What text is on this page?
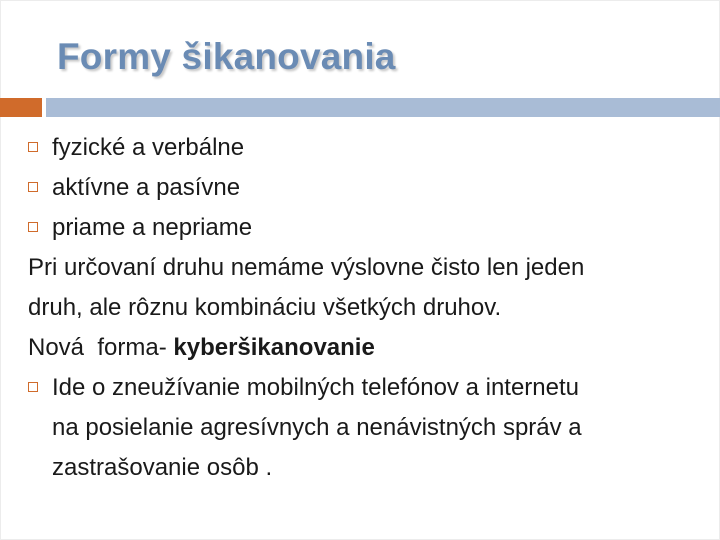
Formy šikanovania
fyzické a verbálne
aktívne a pasívne
priame a nepriame
Pri určovaní druhu nemáme výslovne čisto len jeden
druh, ale rôznu kombináciu všetkých druhov.
Nová  forma- kyberšikanovanie
Ide o zneužívanie mobilných telefónov a internetu
na posielanie agresívnych a nenávistných správ a
zastrašovanie osôb .
